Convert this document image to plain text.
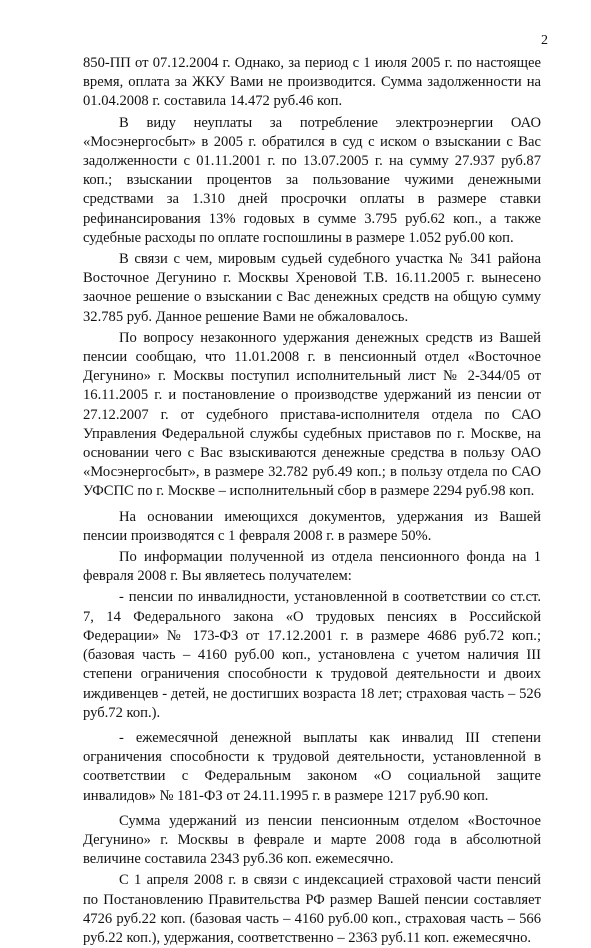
2

850-ПП от 07.12.2004 г. Однако, за период с 1 июля 2005 г. по настоящее время, оплата за ЖКУ Вами не производится. Сумма задолженности на 01.04.2008 г. составила 14.472 руб.46 коп.

В виду неуплаты за потребление электроэнергии ОАО «Мосэнергосбыт» в 2005 г. обратился в суд с иском о взыскании с Вас задолженности с 01.11.2001 г. по 13.07.2005 г. на сумму 27.937 руб.87 коп.; взыскании процентов за пользование чужими денежными средствами за 1.310 дней просрочки оплаты в размере ставки рефинансирования 13% годовых в сумме 3.795 руб.62 коп., а также судебные расходы по оплате госпошлины в размере 1.052 руб.00 коп.

В связи с чем, мировым судьей судебного участка № 341 района Восточное Дегунино г. Москвы Хреновой Т.В. 16.11.2005 г. вынесено заочное решение о взыскании с Вас денежных средств на общую сумму 32.785 руб. Данное решение Вами не обжаловалось.

По вопросу незаконного удержания денежных средств из Вашей пенсии сообщаю, что 11.01.2008 г. в пенсионный отдел «Восточное Дегунино» г. Москвы поступил исполнительный лист № 2-344/05 от 16.11.2005 г. и постановление о производстве удержаний из пенсии от 27.12.2007 г. от судебного пристава-исполнителя отдела по САО Управления Федеральной службы судебных приставов по г. Москве, на основании чего с Вас взыскиваются денежные средства в пользу ОАО «Мосэнергосбыт», в размере 32.782 руб.49 коп.; в пользу отдела по САО УФСПС по г. Москве – исполнительный сбор в размере 2294 руб.98 коп.

На основании имеющихся документов, удержания из Вашей пенсии производятся с 1 февраля 2008 г. в размере 50%.

По информации полученной из отдела пенсионного фонда на 1 февраля 2008 г. Вы являетесь получателем:

- пенсии по инвалидности, установленной в соответствии со ст.ст. 7, 14 Федерального закона «О трудовых пенсиях в Российской Федерации» № 173-ФЗ от 17.12.2001 г. в размере 4686 руб.72 коп.; (базовая часть – 4160 руб.00 коп., установлена с учетом наличия III степени ограничения способности к трудовой деятельности и двоих иждивенцев - детей, не достигших возраста 18 лет; страховая часть – 526 руб.72 коп.).

- ежемесячной денежной выплаты как инвалид III степени ограничения способности к трудовой деятельности, установленной в соответствии с Федеральным законом «О социальной защите инвалидов» № 181-ФЗ от 24.11.1995 г. в размере 1217 руб.90 коп.

Сумма удержаний из пенсии пенсионным отделом «Восточное Дегунино» г. Москвы в феврале и марте 2008 года в абсолютной величине составила 2343 руб.36 коп. ежемесячно.

С 1 апреля 2008 г. в связи с индексацией страховой части пенсий по Постановлению Правительства РФ размер Вашей пенсии составляет 4726 руб.22 коп. (базовая часть – 4160 руб.00 коп., страховая часть – 566 руб.22 коп.), удержания, соответственно – 2363 руб.11 коп. ежемесячно.
